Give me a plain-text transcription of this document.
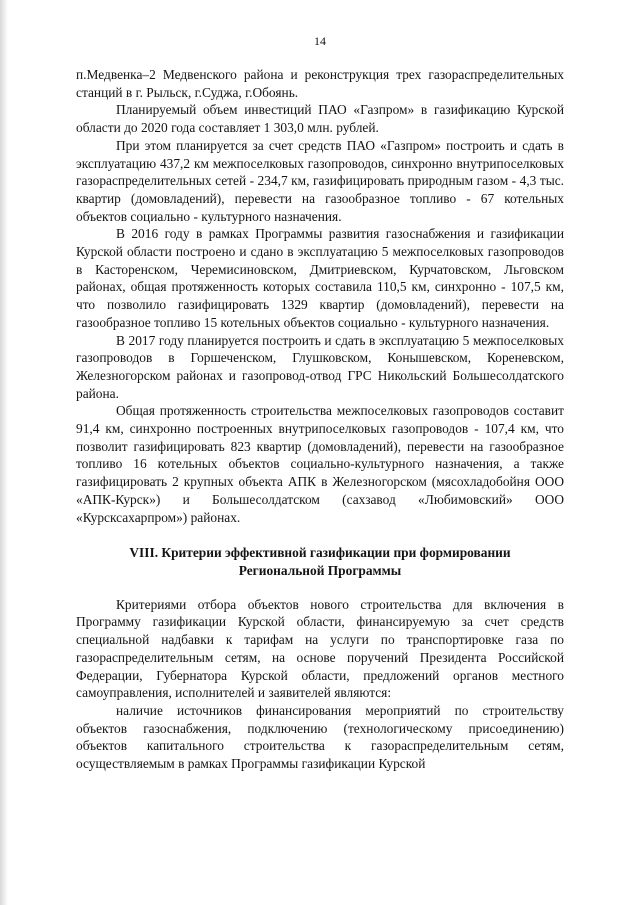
14

п.Медвенка–2 Медвенского района и реконструкция трех газораспределительных станций в г. Рыльск, г.Суджа, г.Обоянь.

Планируемый объем инвестиций ПАО «Газпром» в газификацию Курской области до 2020 года составляет 1 303,0 млн. рублей.

При этом планируется за счет средств ПАО «Газпром» построить и сдать в эксплуатацию 437,2 км межпоселковых газопроводов, синхронно внутрипоселковых газораспределительных сетей - 234,7 км, газифицировать природным газом - 4,3 тыс. квартир (домовладений), перевести на газообразное топливо - 67 котельных объектов социально - культурного назначения.

В 2016 году в рамках Программы развития газоснабжения и газификации Курской области построено и сдано в эксплуатацию 5 межпоселковых газопроводов в Касторенском, Черемисиновском, Дмитриевском, Курчатовском, Льговском районах, общая протяженность которых составила 110,5 км, синхронно - 107,5 км, что позволило газифицировать 1329 квартир (домовладений), перевести на газообразное топливо 15 котельных объектов социально - культурного назначения.

В 2017 году планируется построить и сдать в эксплуатацию 5 межпоселковых газопроводов в Горшеченском, Глушковском, Конышевском, Кореневском, Железногорском районах и газопровод-отвод ГРС Никольский Большесолдатского района.

Общая протяженность строительства межпоселковых газопроводов составит 91,4 км, синхронно построенных внутрипоселковых газопроводов - 107,4 км, что позволит газифицировать 823 квартир (домовладений), перевести на газообразное топливо 16 котельных объектов социально-культурного назначения, а также газифицировать 2 крупных объекта АПК в Железногорском (мясохладобойня ООО «АПК-Курск») и Большесолдатском (сахзавод «Любимовский» ООО «Курсксахарпром») районах.

VIII. Критерии эффективной газификации при формировании
Региональной Программы

Критериями отбора объектов нового строительства для включения в Программу газификации Курской области, финансируемую за счет средств специальной надбавки к тарифам на услуги по транспортировке газа по газораспределительным сетям, на основе поручений Президента Российской Федерации, Губернатора Курской области, предложений органов местного самоуправления, исполнителей и заявителей являются:

наличие источников финансирования мероприятий по строительству объектов газоснабжения, подключению (технологическому присоединению) объектов капитального строительства к газораспределительным сетям, осуществляемым в рамках Программы газификации Курской
